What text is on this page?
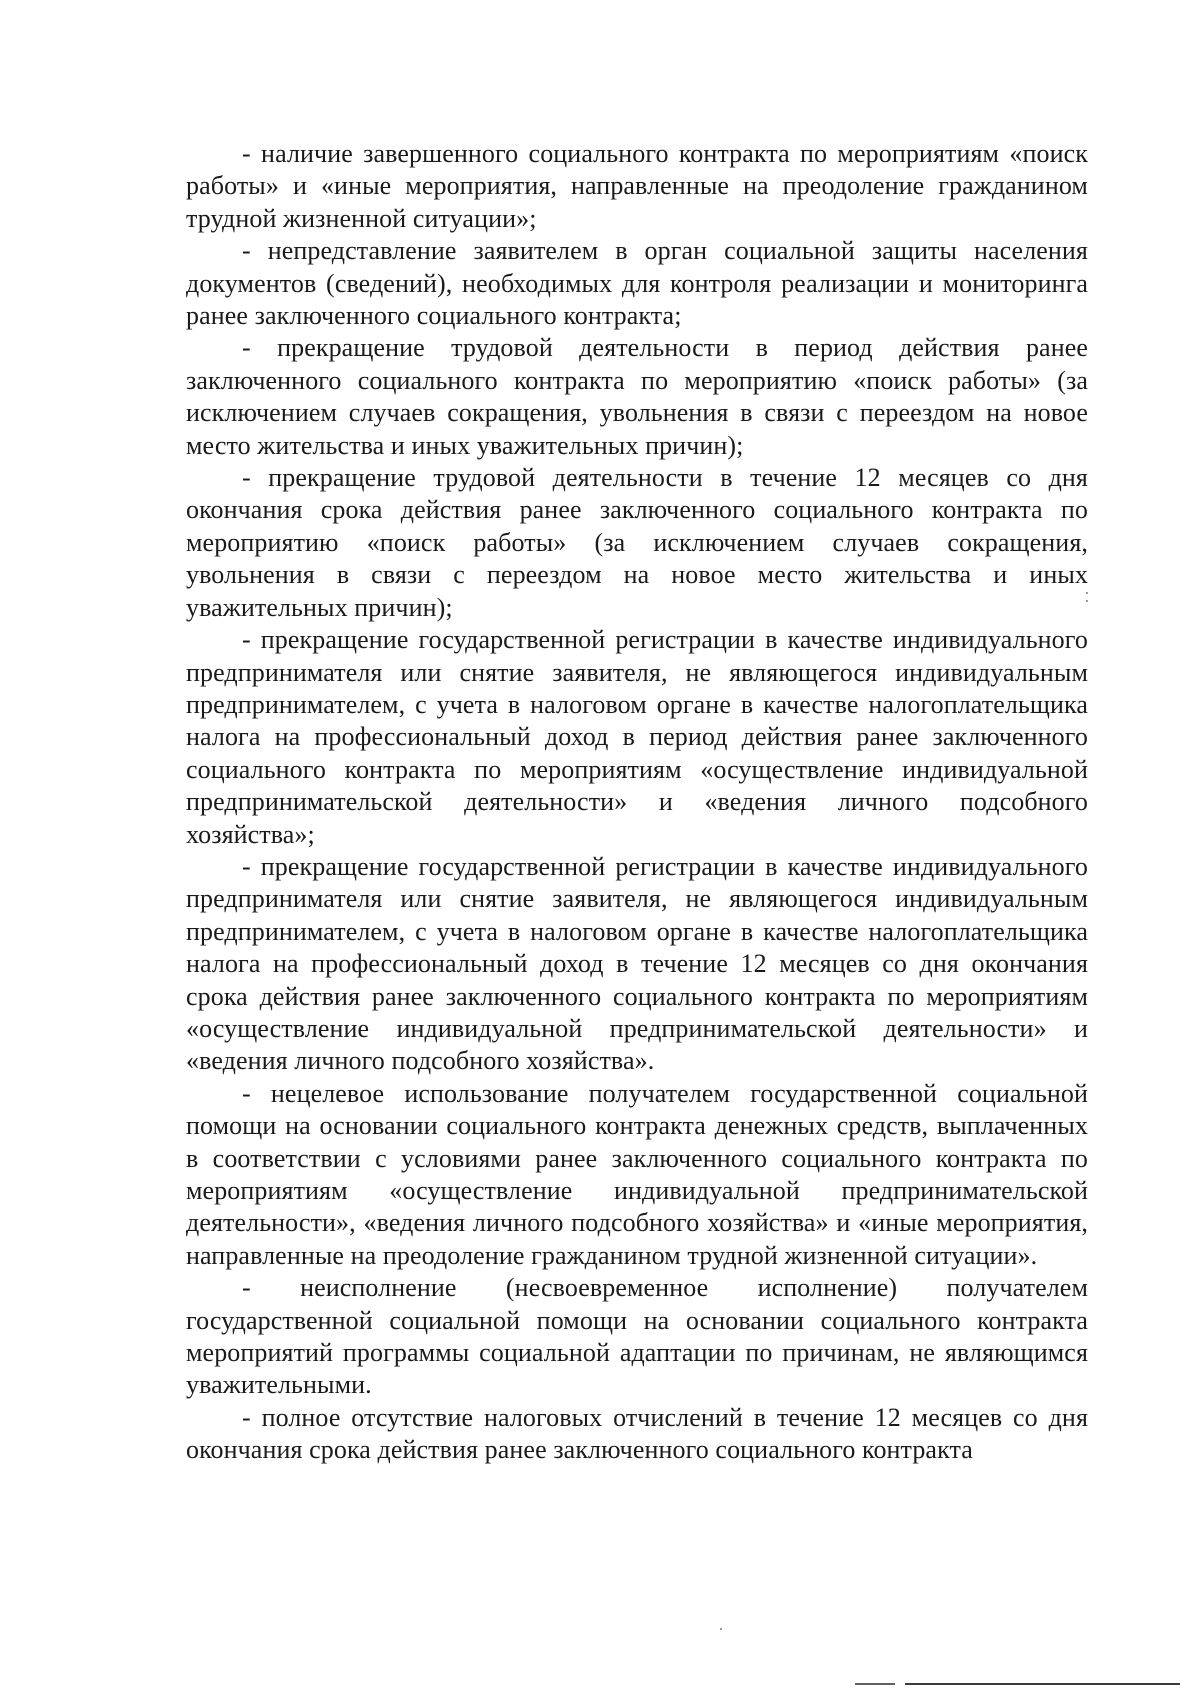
- наличие завершенного социального контракта по мероприятиям «поиск работы» и «иные мероприятия, направленные на преодоление гражданином трудной жизненной ситуации»;

- непредставление заявителем в орган социальной защиты населения документов (сведений), необходимых для контроля реализации и мониторинга ранее заключенного социального контракта;

- прекращение трудовой деятельности в период действия ранее заключенного социального контракта по мероприятию «поиск работы» (за исключением случаев сокращения, увольнения в связи с переездом на новое место жительства и иных уважительных причин);

- прекращение трудовой деятельности в течение 12 месяцев со дня окончания срока действия ранее заключенного социального контракта по мероприятию «поиск работы» (за исключением случаев сокращения, увольнения в связи с переездом на новое место жительства и иных уважительных причин);

- прекращение государственной регистрации в качестве индивидуального предпринимателя или снятие заявителя, не являющегося индивидуальным предпринимателем, с учета в налоговом органе в качестве налогоплательщика налога на профессиональный доход в период действия ранее заключенного социального контракта по мероприятиям «осуществление индивидуальной предпринимательской деятельности» и «ведения личного подсобного хозяйства»;

- прекращение государственной регистрации в качестве индивидуального предпринимателя или снятие заявителя, не являющегося индивидуальным предпринимателем, с учета в налоговом органе в качестве налогоплательщика налога на профессиональный доход в течение 12 месяцев со дня окончания срока действия ранее заключенного социального контракта по мероприятиям «осуществление индивидуальной предпринимательской деятельности» и «ведения личного подсобного хозяйства».

- нецелевое использование получателем государственной социальной помощи на основании социального контракта денежных средств, выплаченных в соответствии с условиями ранее заключенного социального контракта по мероприятиям «осуществление индивидуальной предпринимательской деятельности», «ведения личного подсобного хозяйства» и «иные мероприятия, направленные на преодоление гражданином трудной жизненной ситуации».

- неисполнение (несвоевременное исполнение) получателем государственной социальной помощи на основании социального контракта мероприятий программы социальной адаптации по причинам, не являющимся уважительными.

- полное отсутствие налоговых отчислений в течение 12 месяцев со дня окончания срока действия ранее заключенного социального контракта
